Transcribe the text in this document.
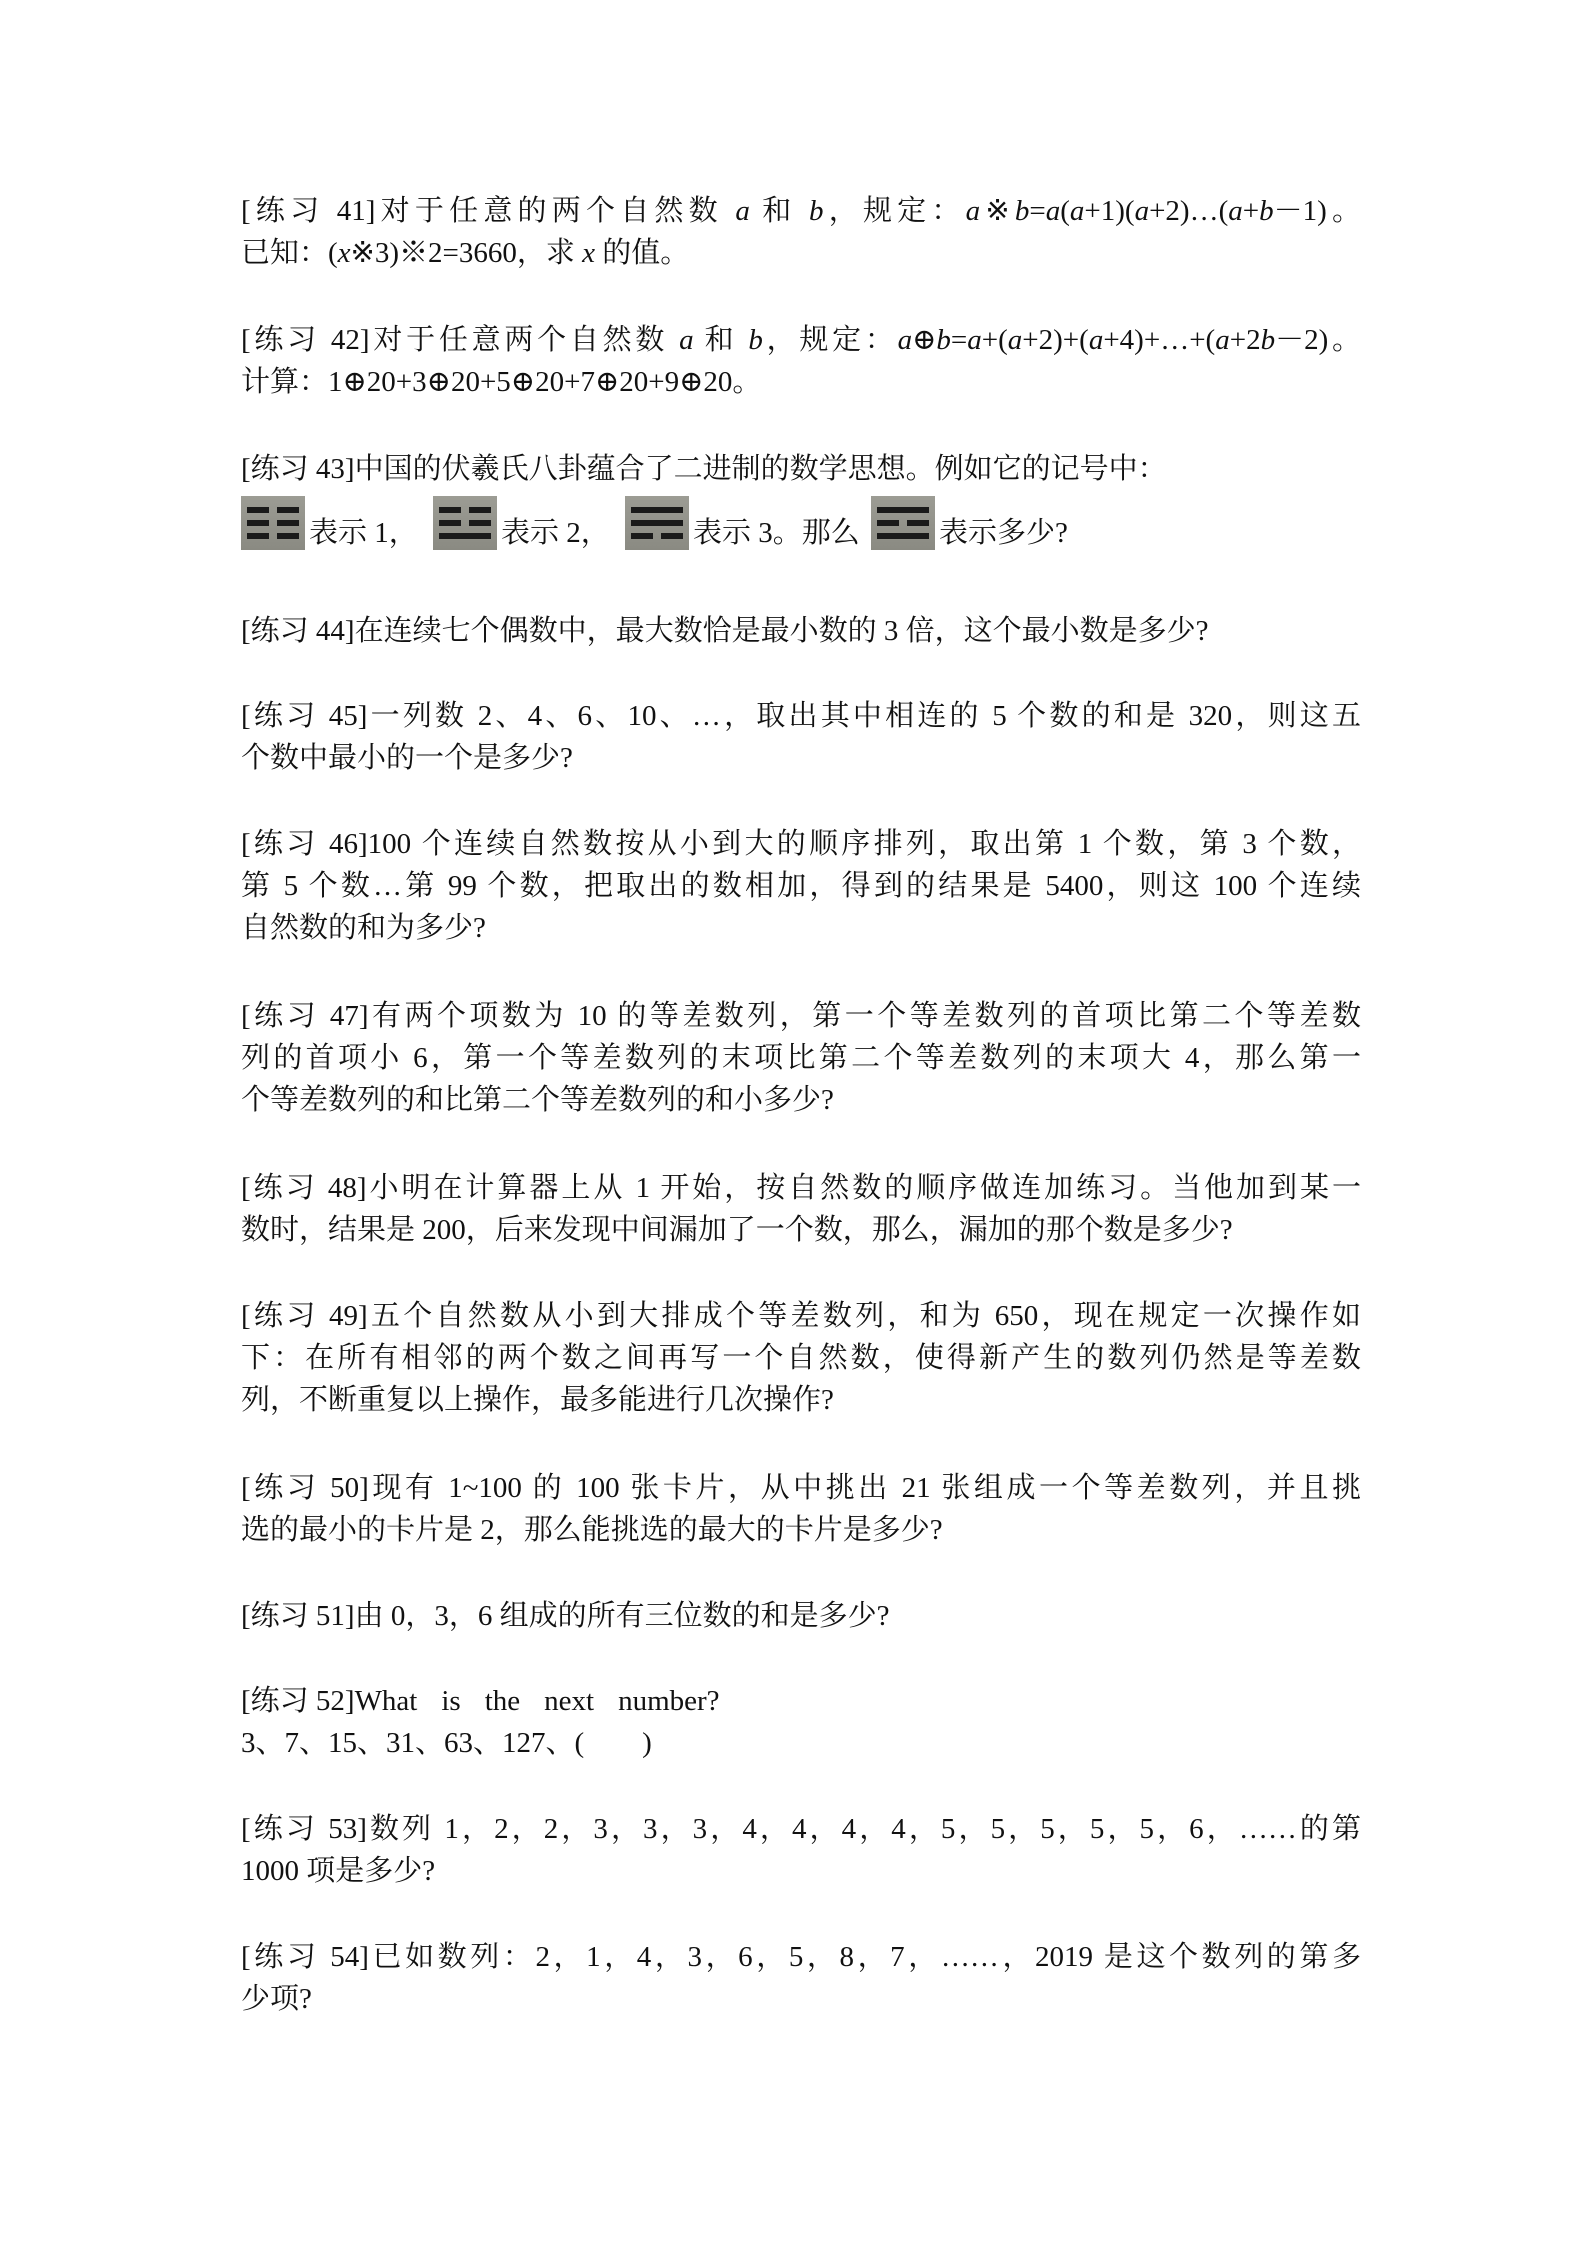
[练习 41]对于任意的两个自然数 a 和 b，规定：a※b=a(a+1)(a+2)…(a+b－1)。
已知：(x※3)※2=3660，求 x 的值。
[练习 42]对于任意两个自然数 a 和 b，规定：a⊕b=a+(a+2)+(a+4)+…+(a+2b－2)。
计算：1⊕20+3⊕20+5⊕20+7⊕20+9⊕20。
[练习 43]中国的伏羲氏八卦蕴合了二进制的数学思想。例如它的记号中：
表示 1，	表示 2，	表示 3。那么	表示多少?
[练习 44]在连续七个偶数中，最大数恰是最小数的 3 倍，这个最小数是多少?
[练习 45]一列数 2、4、6、10、…，取出其中相连的 5 个数的和是 320，则这五
个数中最小的一个是多少?
[练习 46]100 个连续自然数按从小到大的顺序排列，取出第 1 个数，第 3 个数，
第 5 个数…第 99 个数，把取出的数相加，得到的结果是 5400，则这 100 个连续
自然数的和为多少?
[练习 47]有两个项数为 10 的等差数列，第一个等差数列的首项比第二个等差数
列的首项小 6，第一个等差数列的末项比第二个等差数列的末项大 4，那么第一
个等差数列的和比第二个等差数列的和小多少?
[练习 48]小明在计算器上从 1 开始，按自然数的顺序做连加练习。当他加到某一
数时，结果是 200，后来发现中间漏加了一个数，那么，漏加的那个数是多少?
[练习 49]五个自然数从小到大排成个等差数列，和为 650，现在规定一次操作如
下：在所有相邻的两个数之间再写一个自然数，使得新产生的数列仍然是等差数
列，不断重复以上操作，最多能进行几次操作?
[练习 50]现有 1~100 的 100 张卡片，从中挑出 21 张组成一个等差数列，并且挑
选的最小的卡片是 2，那么能挑选的最大的卡片是多少?
[练习 51]由 0，3，6 组成的所有三位数的和是多少?
[练习 52]What is the next number?
3、7、15、31、63、127、(　　)
[练习 53]数列 1，2，2，3，3，3，4，4，4，4，5，5，5，5，5，6，……的第
1000 项是多少?
[练习 54]已如数列：2，1，4，3，6，5，8，7，……，2019 是这个数列的第多
少项?
